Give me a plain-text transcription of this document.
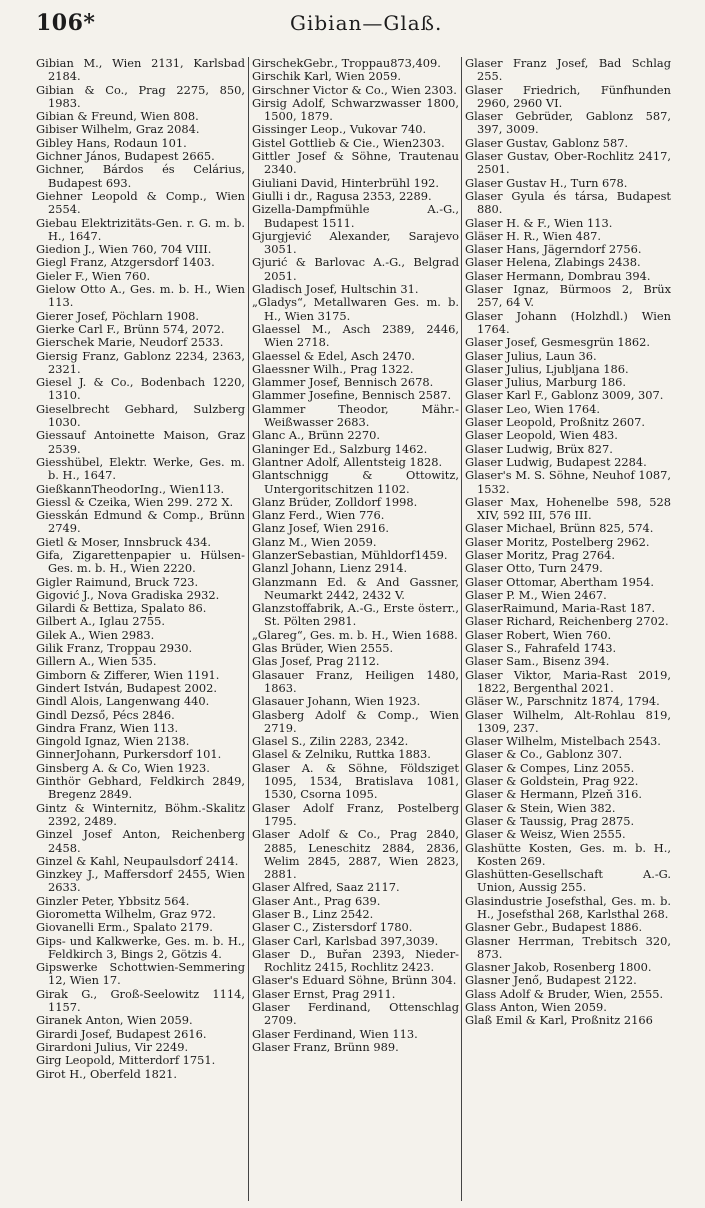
106*	Gibian—Glaß.
Gibian M., Wien 2131, Karlsbad 2184.
Gibian & Co., Prag 2275, 850, 1983.
Gibian & Freund, Wien 808.
Gibiser Wilhelm, Graz 2084.
Gibley Hans, Rodaun 101.
Gichner János, Budapest 2665.
Gichner, Bárdos és Celárius, Budapest 693.
Giehner Leopold & Comp., Wien 2554.
Giebau Elektrizitäts-Gen. r. G. m. b. H., 1647.
Giedion J., Wien 760, 704 VIII.
Giegl Franz, Atzgersdorf 1403.
Gieler F., Wien 760.
Gielow Otto A., Ges. m. b. H., Wien 113.
Gierer Josef, Pöchlarn 1908.
Gierke Carl F., Brünn 574, 2072.
Gierschek Marie, Neudorf 2533.
Giersig Franz, Gablonz 2234, 2363, 2321.
Giesel J. & Co., Bodenbach 1220, 1310.
Gieselbrecht Gebhard, Sulzberg 1030.
Giessauf Antoinette Maison, Graz 2539.
Giesshübel, Elektr. Werke, Ges. m. b. H., 1647.
GießkannTheodorIng., Wien113.
Giessl & Czeika, Wien 299. 272 X.
Giesskán Edmund & Comp., Brünn 2749.
Gietl & Moser, Innsbruck 434.
Gifa, Zigarettenpapier u. Hülsen-Ges. m. b. H., Wien 2220.
Gigler Raimund, Bruck 723.
Gigović J., Nova Gradiska 2932.
Gilardi & Bettiza, Spalato 86.
Gilbert A., Iglau 2755.
Gilek A., Wien 2983.
Gilik Franz, Troppau 2930.
Gillern A., Wien 535.
Gimborn & Zifferer, Wien 1191.
Gindert István, Budapest 2002.
Gindl Alois, Langenwang 440.
Gindl Dezső, Pécs 2846.
Gindra Franz, Wien 113.
Gingold Ignaz, Wien 2138.
GinnerJohann, Purkersdorf 101.
Ginsberg A. & Co, Wien 1923.
Ginthör Gebhard, Feldkirch 2849, Bregenz 2849.
Gintz & Winternitz, Böhm.-Skalitz 2392, 2489.
Ginzel Josef Anton, Reichenberg 2458.
Ginzel & Kahl, Neupaulsdorf 2414.
Ginzkey J., Maffersdorf 2455, Wien 2633.
Ginzler Peter, Ybbsitz 564.
Giorometta Wilhelm, Graz 972.
Giovanelli Erm., Spalato 2179.
Gips- und Kalkwerke, Ges. m. b. H., Feldkirch 3, Bings 2, Götzis 4.
Gipswerke Schottwien-Semmering 12, Wien 17.
Girak G., Groß-Seelowitz 1114, 1157.
Giranek Anton, Wien 2059.
Girardi Josef, Budapest 2616.
Girardoni Julius, Vir 2249.
Girg Leopold, Mitterdorf 1751.
Girot H., Oberfeld 1821.
GirschekGebr., Troppau873,409.
Girschik Karl, Wien 2059.
Girschner Victor & Co., Wien 2303.
Girsig Adolf, Schwarzwasser 1800, 1500, 1879.
Gissinger Leop., Vukovar 740.
Gistel Gottlieb & Cie., Wien2303.
Gittler Josef & Söhne, Trautenau 2340.
Giuliani David, Hinterbrühl 192.
Giulli i dr., Ragusa 2353, 2289.
Gizella-Dampfmühle A.-G., Budapest 1511.
Gjurgjević Alexander, Sarajevo 3051.
Gjurić & Barlovac A.-G., Belgrad 2051.
Gladisch Josef, Hultschin 31.
„Gladys“, Metallwaren Ges. m. b. H., Wien 3175.
Glaessel M., Asch 2389, 2446, Wien 2718.
Glaessel & Edel, Asch 2470.
Glaessner Wilh., Prag 1322.
Glammer Josef, Bennisch 2678.
Glammer Josefine, Bennisch 2587.
Glammer Theodor, Mähr.-Weißwasser 2683.
Glanc A., Brünn 2270.
Glaninger Ed., Salzburg 1462.
Glantner Adolf, Allentsteig 1828.
Glantschnigg & Ottowitz, Untergoritschitzen 1102.
Glanz Brüder, Zolldorf 1998.
Glanz Ferd., Wien 776.
Glanz Josef, Wien 2916.
Glanz M., Wien 2059.
GlanzerSebastian, Mühldorf1459.
Glanzl Johann, Lienz 2914.
Glanzmann Ed. & And Gassner, Neumarkt 2442, 2432 V.
Glanzstoffabrik, A.-G., Erste österr., St. Pölten 2981.
„Glareg“, Ges. m. b. H., Wien 1688.
Glas Brüder, Wien 2555.
Glas Josef, Prag 2112.
Glasauer Franz, Heiligen 1480, 1863.
Glasauer Johann, Wien 1923.
Glasberg Adolf & Comp., Wien 2719.
Glasel S., Zilin 2283, 2342.
Glasel & Zelniku, Ruttka 1883.
Glaser A. & Söhne, Földsziget 1095, 1534, Bratislava 1081, 1530, Csorna 1095.
Glaser Adolf Franz, Postelberg 1795.
Glaser Adolf & Co., Prag 2840, 2885, Leneschitz 2884, 2836, Welim 2845, 2887, Wien 2823, 2881.
Glaser Alfred, Saaz 2117.
Glaser Ant., Prag 639.
Glaser B., Linz 2542.
Glaser C., Zistersdorf 1780.
Glaser Carl, Karlsbad 397,3039.
Glaser D., Buřan 2393, Nieder-Rochlitz 2415, Rochlitz 2423.
Glaser's Eduard Söhne, Brünn 304.
Glaser Ernst, Prag 2911.
Glaser Ferdinand, Ottenschlag 2709.
Glaser Ferdinand, Wien 113.
Glaser Franz, Brünn 989.
Glaser Franz Josef, Bad Schlag 255.
Glaser Friedrich, Fünfhunden 2960, 2960 VI.
Glaser Gebrüder, Gablonz 587, 397, 3009.
Glaser Gustav, Gablonz 587.
Glaser Gustav, Ober-Rochlitz 2417, 2501.
Glaser Gustav H., Turn 678.
Glaser Gyula és társa, Budapest 880.
Glaser H. & F., Wien 113.
Gläser H. R., Wien 487.
Glaser Hans, Jägerndorf 2756.
Glaser Helena, Zlabings 2438.
Glaser Hermann, Dombrau 394.
Glaser Ignaz, Bürmoos 2, Brüx 257, 64 V.
Glaser Johann (Holzhdl.) Wien 1764.
Glaser Josef, Gesmesgrün 1862.
Glaser Julius, Laun 36.
Glaser Julius, Ljubljana 186.
Glaser Julius, Marburg 186.
Glaser Karl F., Gablonz 3009, 307.
Glaser Leo, Wien 1764.
Glaser Leopold, Proßnitz 2607.
Glaser Leopold, Wien 483.
Glaser Ludwig, Brüx 827.
Glaser Ludwig, Budapest 2284.
Glaser's M. S. Söhne, Neuhof 1087, 1532.
Glaser Max, Hohenelbe 598, 528 XIV, 592 III, 576 III.
Glaser Michael, Brünn 825, 574.
Glaser Moritz, Postelberg 2962.
Glaser Moritz, Prag 2764.
Glaser Otto, Turn 2479.
Glaser Ottomar, Abertham 1954.
Glaser P. M., Wien 2467.
GlaserRaimund, Maria-Rast 187.
Glaser Richard, Reichenberg 2702.
Glaser Robert, Wien 760.
Glaser S., Fahrafeld 1743.
Glaser Sam., Bisenz 394.
Glaser Viktor, Maria-Rast 2019, 1822, Bergenthal 2021.
Gläser W., Parschnitz 1874, 1794.
Glaser Wilhelm, Alt-Rohlau 819, 1309, 237.
Glaser Wilhelm, Mistelbach 2543.
Glaser & Co., Gablonz 307.
Glaser & Compes, Linz 2055.
Glaser & Goldstein, Prag 922.
Glaser & Hermann, Plzeň 316.
Glaser & Stein, Wien 382.
Glaser & Taussig, Prag 2875.
Glaser & Weisz, Wien 2555.
Glashütte Kosten, Ges. m. b. H., Kosten 269.
Glashütten-Gesellschaft A.-G. Union, Aussig 255.
Glasindustrie Josefsthal, Ges. m. b. H., Josefsthal 268, Karlsthal 268.
Glasner Gebr., Budapest 1886.
Glasner Herrman, Trebitsch 320, 873.
Glasner Jakob, Rosenberg 1800.
Glasner Jenő, Budapest 2122.
Glass Adolf & Bruder, Wien, 2555.
Glass Anton, Wien 2059.
Glaß Emil & Karl, Proßnitz 2166
